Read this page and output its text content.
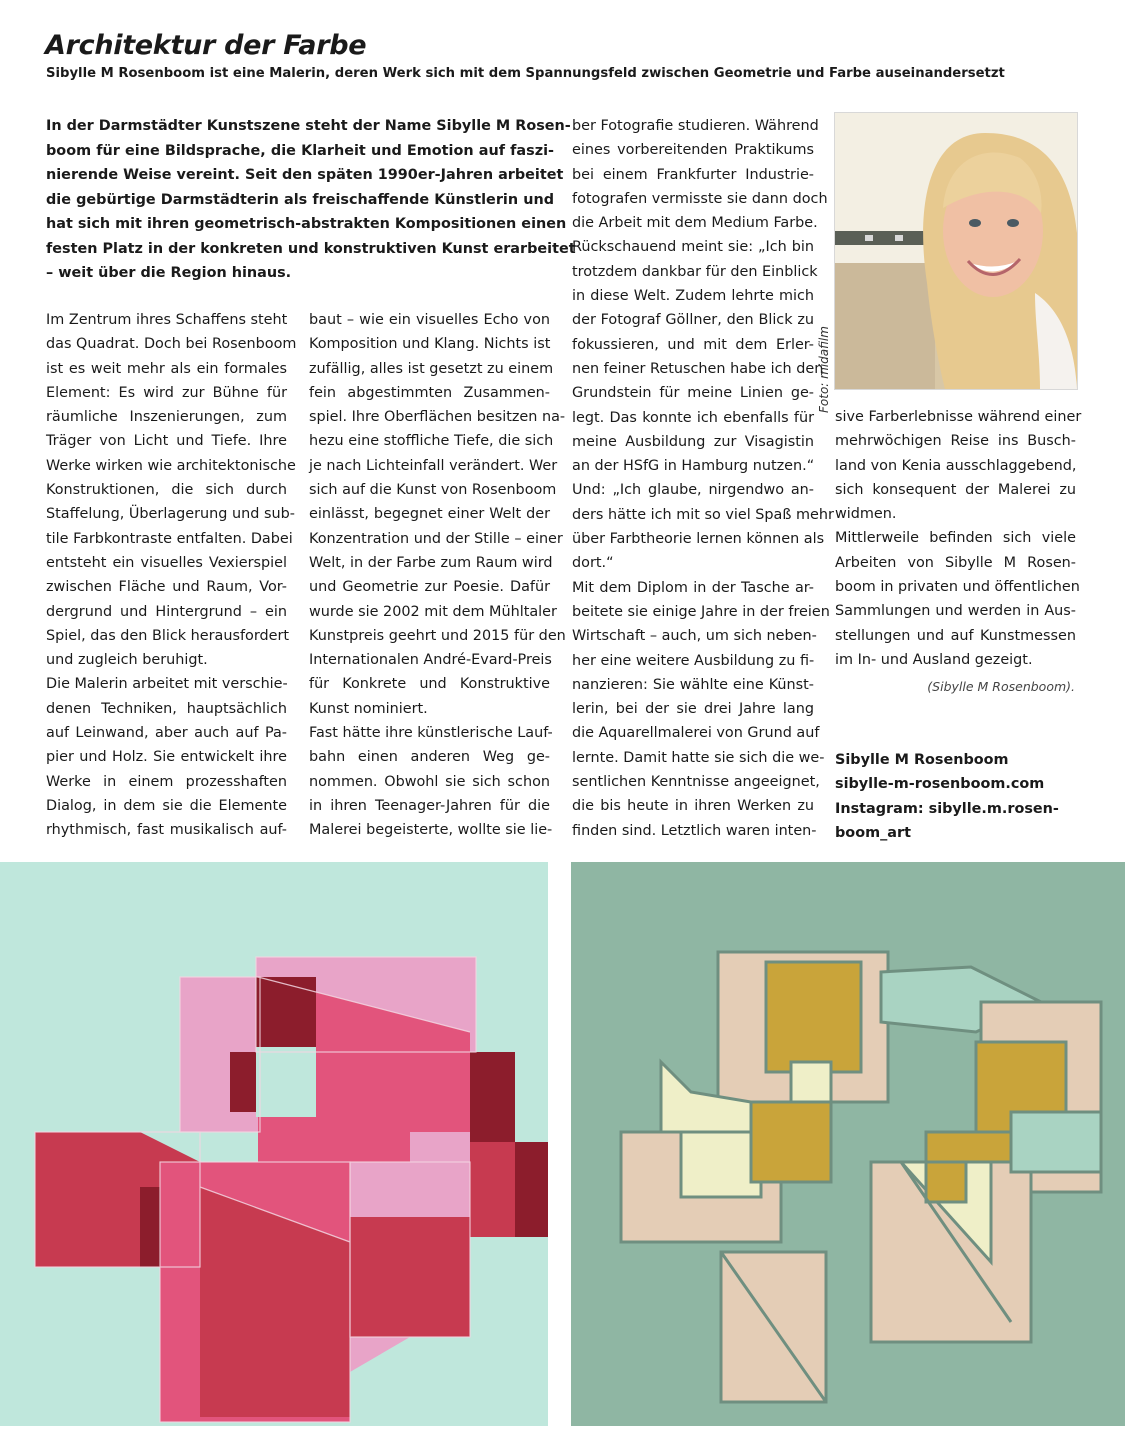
Architektur der Farbe
Sibylle M Rosenboom ist eine Malerin, deren Werk sich mit dem Spannungsfeld zwischen Geometrie und Farbe auseinandersetzt
In der Darmstädter Kunstszene steht der Name Sibylle M Rosen-
boom für eine Bildsprache, die Klarheit und Emotion auf faszi-
nierende Weise vereint. Seit den späten 1990er-Jahren arbeitet
die gebürtige Darmstädterin als freischaffende Künstlerin und
hat sich mit ihren geometrisch-abstrakten Kompositionen einen
festen Platz in der konkreten und konstruktiven Kunst erarbeitet
– weit über die Region hinaus.
Im Zentrum ihres Schaffens steht
das Quadrat. Doch bei Rosenboom
ist es weit mehr als ein formales
Element: Es wird zur Bühne für
räumliche Inszenierungen, zum
Träger von Licht und Tiefe. Ihre
Werke wirken wie architektonische
Konstruktionen, die sich durch
Staffelung, Überlagerung und sub-
tile Farbkontraste entfalten. Dabei
entsteht ein visuelles Vexierspiel
zwischen Fläche und Raum, Vor-
dergrund und Hintergrund – ein
Spiel, das den Blick herausfordert
und zugleich beruhigt.
Die Malerin arbeitet mit verschie-
denen Techniken, hauptsächlich
auf Leinwand, aber auch auf Pa-
pier und Holz. Sie entwickelt ihre
Werke in einem prozesshaften
Dialog, in dem sie die Elemente
rhythmisch, fast musikalisch auf-
baut – wie ein visuelles Echo von
Komposition und Klang. Nichts ist
zufällig, alles ist gesetzt zu einem
fein abgestimmten Zusammen-
spiel. Ihre Oberflächen besitzen na-
hezu eine stoffliche Tiefe, die sich
je nach Lichteinfall verändert. Wer
sich auf die Kunst von Rosenboom
einlässt, begegnet einer Welt der
Konzentration und der Stille – einer
Welt, in der Farbe zum Raum wird
und Geometrie zur Poesie. Dafür
wurde sie 2002 mit dem Mühltaler
Kunstpreis geehrt und 2015 für den
Internationalen André-Evard-Preis
für Konkrete und Konstruktive
Kunst nominiert.
Fast hätte ihre künstlerische Lauf-
bahn einen anderen Weg ge-
nommen. Obwohl sie sich schon
in ihren Teenager-Jahren für die
Malerei begeisterte, wollte sie lie-
ber Fotografie studieren. Während
eines vorbereitenden Praktikums
bei einem Frankfurter Industrie-
fotografen vermisste sie dann doch
die Arbeit mit dem Medium Farbe.
Rückschauend meint sie: „Ich bin
trotzdem dankbar für den Einblick
in diese Welt. Zudem lehrte mich
der Fotograf Göllner, den Blick zu
fokussieren, und mit dem Erler-
nen feiner Retuschen habe ich den
Grundstein für meine Linien ge-
legt. Das konnte ich ebenfalls für
meine Ausbildung zur Visagistin
an der HSfG in Hamburg nutzen.“
Und: „Ich glaube, nirgendwo an-
ders hätte ich mit so viel Spaß mehr
über Farbtheorie lernen können als
dort.“
Mit dem Diplom in der Tasche ar-
beitete sie einige Jahre in der freien
Wirtschaft – auch, um sich neben-
her eine weitere Ausbildung zu fi-
nanzieren: Sie wählte eine Künst-
lerin, bei der sie drei Jahre lang
die Aquarellmalerei von Grund auf
lernte. Damit hatte sie sich die we-
sentlichen Kenntnisse angeeignet,
die bis heute in ihren Werken zu
finden sind. Letztlich waren inten-
Foto: midafilm
sive Farberlebnisse während einer
mehrwöchigen Reise ins Busch-
land von Kenia ausschlaggebend,
sich konsequent der Malerei zu
widmen.
Mittlerweile befinden sich viele
Arbeiten von Sibylle M Rosen-
boom in privaten und öffentlichen
Sammlungen und werden in Aus-
stellungen und auf Kunstmessen
im In- und Ausland gezeigt.
(Sibylle M Rosenboom).
Sibylle M Rosenboom
sibylle-m-rosenboom.com
Instagram: sibylle.m.rosen-
boom_art
